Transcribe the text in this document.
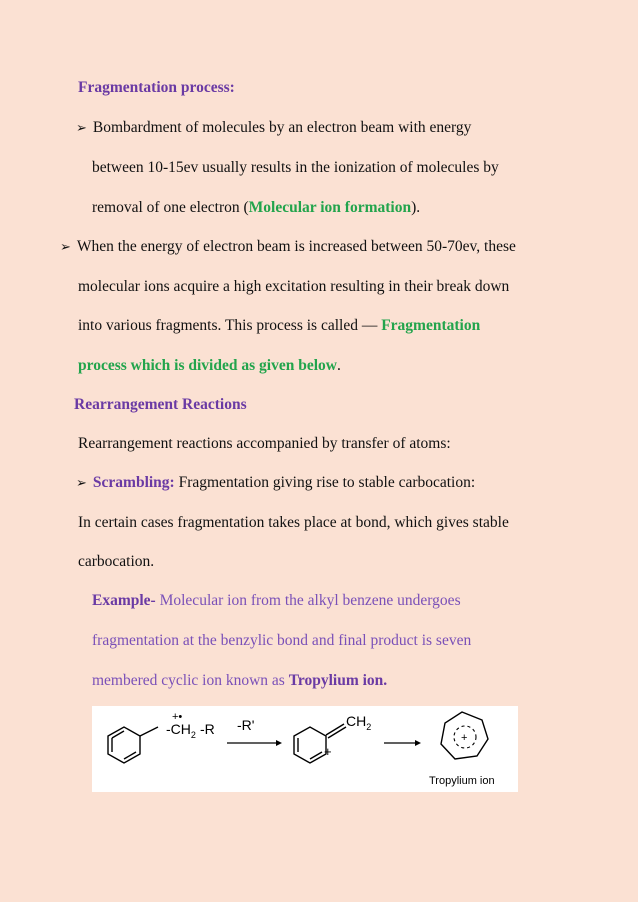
Fragmentation process:
➢ Bombardment of molecules by an electron beam with energy
between 10-15ev usually results in the ionization of molecules by
removal of one electron (Molecular ion formation).
➢ When the energy of electron beam is increased between 50-70ev, these
molecular ions acquire a high excitation resulting in their break down
into various fragments. This process is called ― Fragmentation
process which is divided as given below.
Rearrangement Reactions
Rearrangement reactions accompanied by transfer of atoms:
➢ Scrambling: Fragmentation giving rise to stable carbocation:
In certain cases fragmentation takes place at bond, which gives stable
carbocation.
Example- Molecular ion from the alkyl benzene undergoes
fragmentation at the benzylic bond and final product is seven
membered cyclic ion known as Tropylium ion.
+•
$-CH_2$ -R -R'	$CH_2$
+
+
Tropylium ion
